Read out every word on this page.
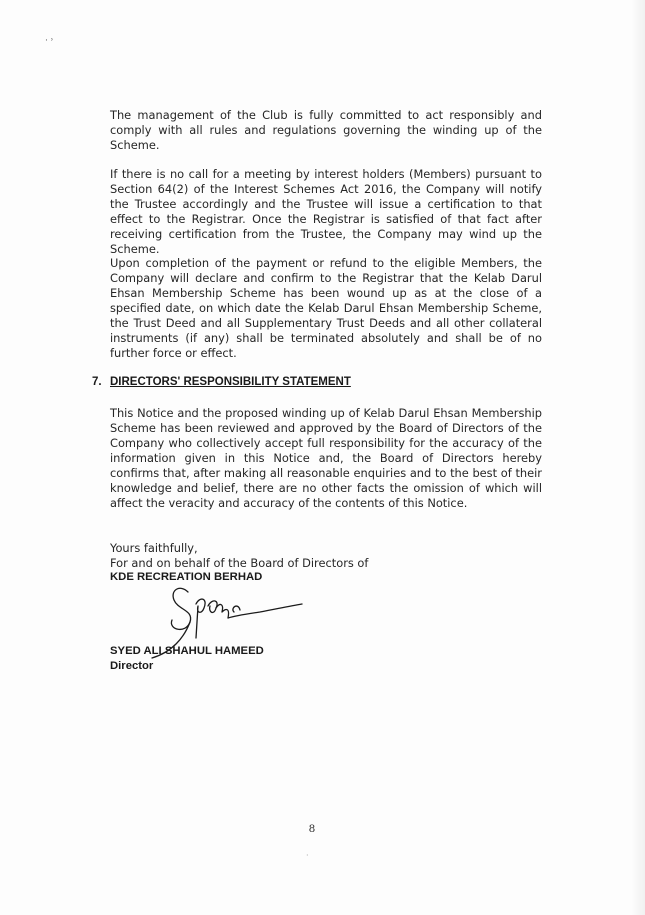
· ˒

The management of the Club is fully committed to act responsibly and comply with all rules and regulations governing the winding up of the Scheme.

If there is no call for a meeting by interest holders (Members) pursuant to Section 64(2) of the Interest Schemes Act 2016, the Company will notify the Trustee accordingly and the Trustee will issue a certification to that effect to the Registrar. Once the Registrar is satisfied of that fact after receiving certification from the Trustee, the Company may wind up the Scheme.

Upon completion of the payment or refund to the eligible Members, the Company will declare and confirm to the Registrar that the Kelab Darul Ehsan Membership Scheme has been wound up as at the close of a specified date, on which date the Kelab Darul Ehsan Membership Scheme, the Trust Deed and all Supplementary Trust Deeds and all other collateral instruments (if any) shall be terminated absolutely and shall be of no further force or effect.

7. DIRECTORS' RESPONSIBILITY STATEMENT

This Notice and the proposed winding up of Kelab Darul Ehsan Membership Scheme has been reviewed and approved by the Board of Directors of the Company who collectively accept full responsibility for the accuracy of the information given in this Notice and, the Board of Directors hereby confirms that, after making all reasonable enquiries and to the best of their knowledge and belief, there are no other facts the omission of which will affect the veracity and accuracy of the contents of this Notice.

Yours faithfully,

For and on behalf of the Board of Directors of

KDE RECREATION BERHAD

SYED ALI SHAHUL HAMEED

Director

8
·
